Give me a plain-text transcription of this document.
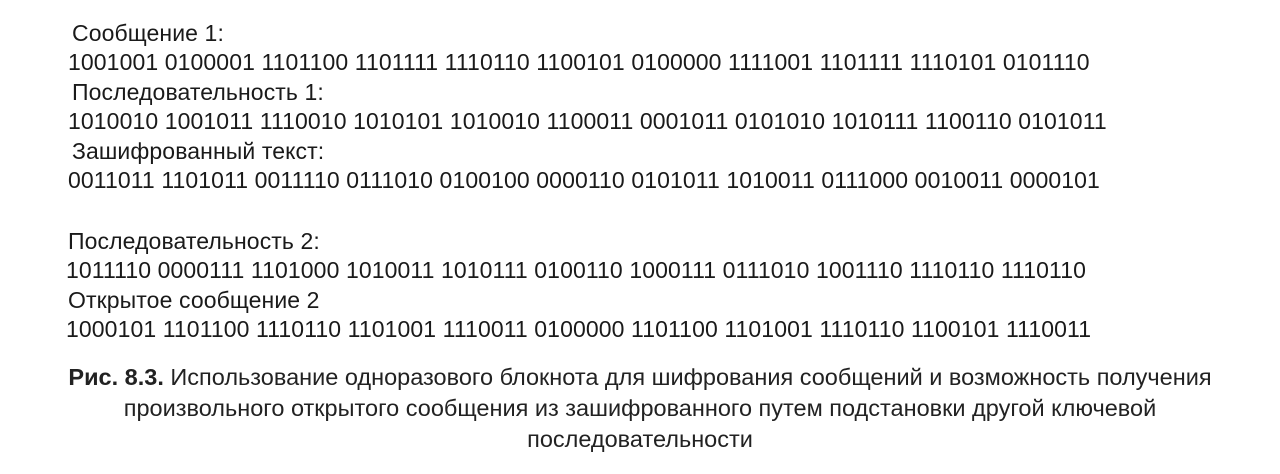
Сообщение 1:
1001001 0100001 1101100 1101111 1110110 1100101 0100000 1111001 1101111 1110101 0101110
Последовательность 1:
1010010 1001011 1110010 1010101 1010010 1100011 0001011 0101010 1010111 1100110 0101011
Зашифрованный текст:
0011011 1101011 0011110 0111010 0100100 0000110 0101011 1010011 0111000 0010011 0000101
Последовательность 2:
1011110 0000111 1101000 1010011 1010111 0100110 1000111 0111010 1001110 1110110 1110110
Открытое сообщение 2
1000101 1101100 1110110 1101001 1110011 0100000 1101100 1101001 1110110 1100101 1110011
Рис. 8.3. Использование одноразового блокнота для шифрования сообщений и возможность получения произвольного открытого сообщения из зашифрованного путем подстановки другой ключевой последовательности
